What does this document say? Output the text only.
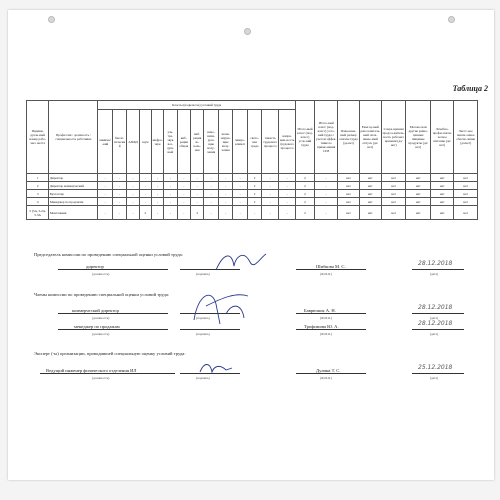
Таблица 2
Индиви-дуаль-ный номер рабо-чего места	Профессия / должность / специальность работника	Классы (подклассы) условий труда														Итого-вый класс (под-класс) усло-вий труда	Итого-вый класс (под-класс) усло-вий труда с учетом эффек-тивного приме-нения СИЗ	Повы-шен-ный размер оплаты труда (да,нет)	Ежегод-ный допол-нитель-ный опла-чивае-мый отпуск (да/нет)	Сокра-щенная продол-житель-ность рабочего времени (да/нет)	Молоко или другие равно-ценные пищевые продукты (да/нет)	Лечебно-профи-лакти-ческое питание (да/нет)	Льгот-ное пенси-онное обеспе-чение (да/нет)
		химичес-кий	биоло-гический	АПФД	шум	инфра-звук	уль-тра-звук воз-душ-ный	виб-рация общая	виб-рация ло-каль-ная	неио-низи-рую-щие излу-чения	иони-зирую-щие излу-чения	микро-климат	свето-вая среда	тяжесть трудового процесса	напря-жен-ность трудового процесса								
1	Директор	-	-	-	-	-	-	-	-	-	-	-	2	-	-	2	-	нет	нет	нет	нет	нет	нет
2	Директор коммерческий	-	-	-	-	-	-	-	-	-	-	-	2	-	-	2	-	нет	нет	нет	нет	нет	нет
3	Бухгалтер	-	-	-	-	-	-	-	-	-	-	-	2	-	-	2	-	нет	нет	нет	нет	нет	нет
4	Менеджер по продажам	-	-	-	-	-	-	-	-	-	-	-	2	-	-	2	-	нет	нет	нет	нет	нет	нет
5 (5А, 5.2А, 5.3А	Монтажник	-	-	-	2	-	-	-	2	-	-	-	-	-	-	2	-	нет	нет	нет	нет	нет	нет
Председатель комиссии по проведению специальной оценки условий труда:
директор
(должность)	(подпись)
Шибкова М. С.
(Ф.И.О.)
28.12.2018
(дата)
Члены комиссии по проведению специальной оценки условий труда:
коммерческий директор
(должность)	(подпись)
Баврюшок А. Н.
(Ф.И.О.)
28.12.2018
(дата)
менеджер по продажам
(должность)	(подпись)
Трофимова Ю. А.
(Ф.И.О.)
28.12.2018
(дата)
Эксперт (-ы) организации, проводившей специальную оценку условий труда:
Ведущий инженер физического отделения ИЛ
(должность)	(подпись)
Дулина Т. С.
(Ф.И.О.)
25.12.2018
(дата)
